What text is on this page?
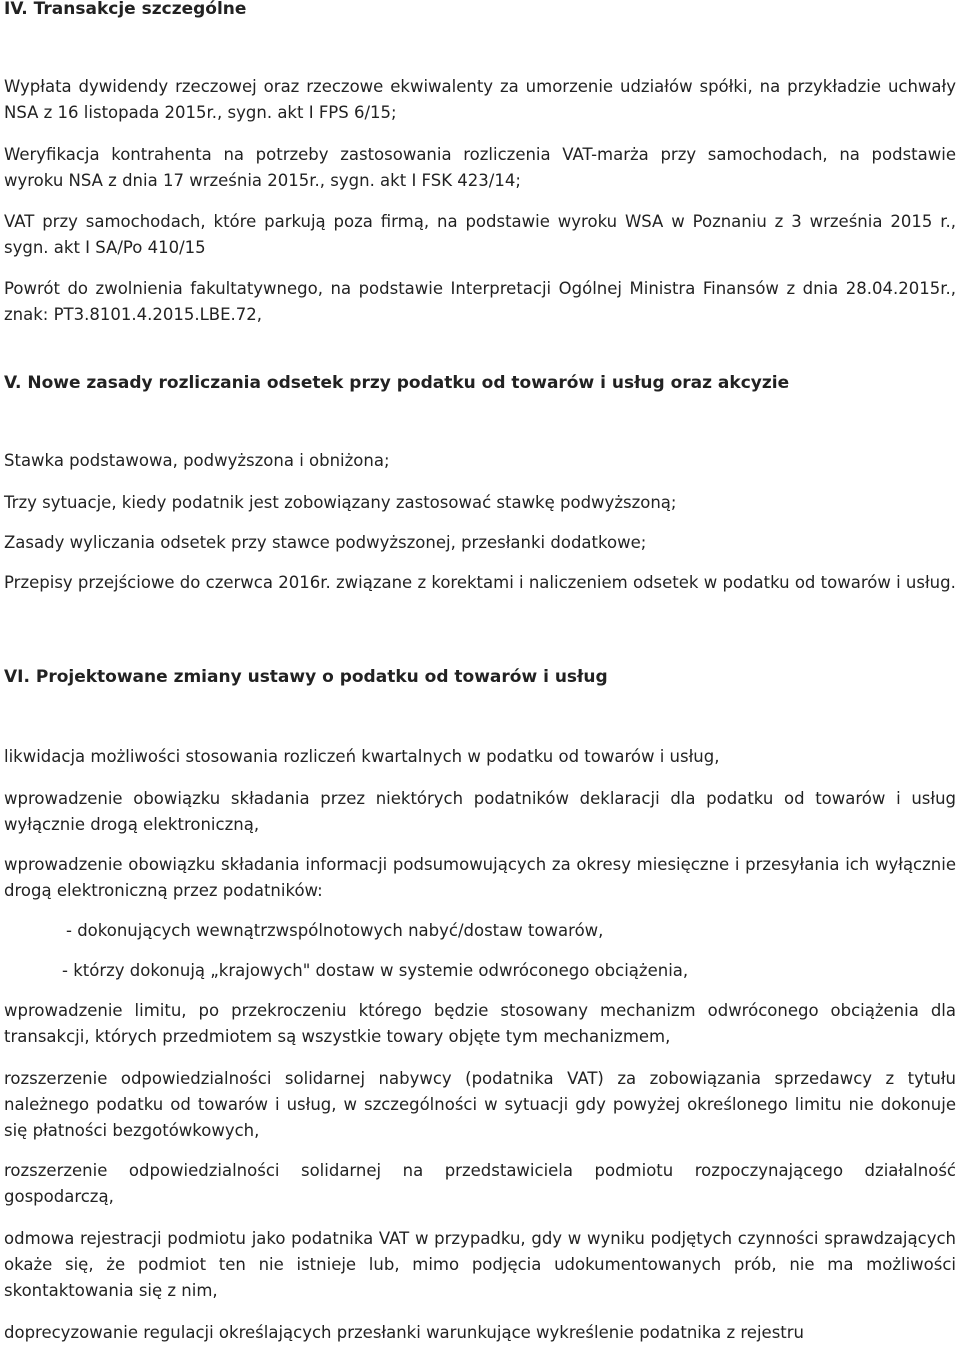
IV. Transakcje szczególne

Wypłata dywidendy rzeczowej oraz rzeczowe ekwiwalenty za umorzenie udziałów spółki, na przykładzie uchwały NSA z 16 listopada 2015r., sygn. akt I FPS 6/15;

Weryfikacja kontrahenta na potrzeby zastosowania rozliczenia VAT-marża przy samochodach, na podstawie wyroku NSA z dnia 17 września 2015r., sygn. akt I FSK 423/14;

VAT przy samochodach, które parkują poza firmą, na podstawie wyroku WSA w Poznaniu z 3 września 2015 r., sygn. akt I SA/Po 410/15

Powrót do zwolnienia fakultatywnego, na podstawie Interpretacji Ogólnej Ministra Finansów z dnia 28.04.2015r., znak: PT3.8101.4.2015.LBE.72,

V. Nowe zasady rozliczania odsetek przy podatku od towarów i usług oraz akcyzie

Stawka podstawowa, podwyższona i obniżona;

Trzy sytuacje, kiedy podatnik jest zobowiązany zastosować stawkę podwyższoną;

Zasady wyliczania odsetek przy stawce podwyższonej, przesłanki dodatkowe;

Przepisy przejściowe do czerwca 2016r. związane z korektami i naliczeniem odsetek w podatku od towarów i usług.

VI. Projektowane zmiany ustawy o podatku od towarów i usług

likwidacja możliwości stosowania rozliczeń kwartalnych w podatku od towarów i usług,

wprowadzenie obowiązku składania przez niektórych podatników deklaracji dla podatku od towarów i usług wyłącznie drogą elektroniczną,

wprowadzenie obowiązku składania informacji podsumowujących za okresy miesięczne i przesyłania ich wyłącznie drogą elektroniczną przez podatników:

- dokonujących wewnątrzwspólnotowych nabyć/dostaw towarów,

- którzy dokonują „krajowych" dostaw w systemie odwróconego obciążenia,

wprowadzenie limitu, po przekroczeniu którego będzie stosowany mechanizm odwróconego obciążenia dla transakcji, których przedmiotem są wszystkie towary objęte tym mechanizmem,

rozszerzenie odpowiedzialności solidarnej nabywcy (podatnika VAT) za zobowiązania sprzedawcy z tytułu należnego podatku od towarów i usług, w szczególności w sytuacji gdy powyżej określonego limitu nie dokonuje się płatności bezgotówkowych,

rozszerzenie odpowiedzialności solidarnej na przedstawiciela podmiotu rozpoczynającego działalność gospodarczą,

odmowa rejestracji podmiotu jako podatnika VAT w przypadku, gdy w wyniku podjętych czynności sprawdzających okaże się, że podmiot ten nie istnieje lub, mimo podjęcia udokumentowanych prób, nie ma możliwości skontaktowania się z nim,

doprecyzowanie regulacji określających przesłanki warunkujące wykreślenie podatnika z rejestru
